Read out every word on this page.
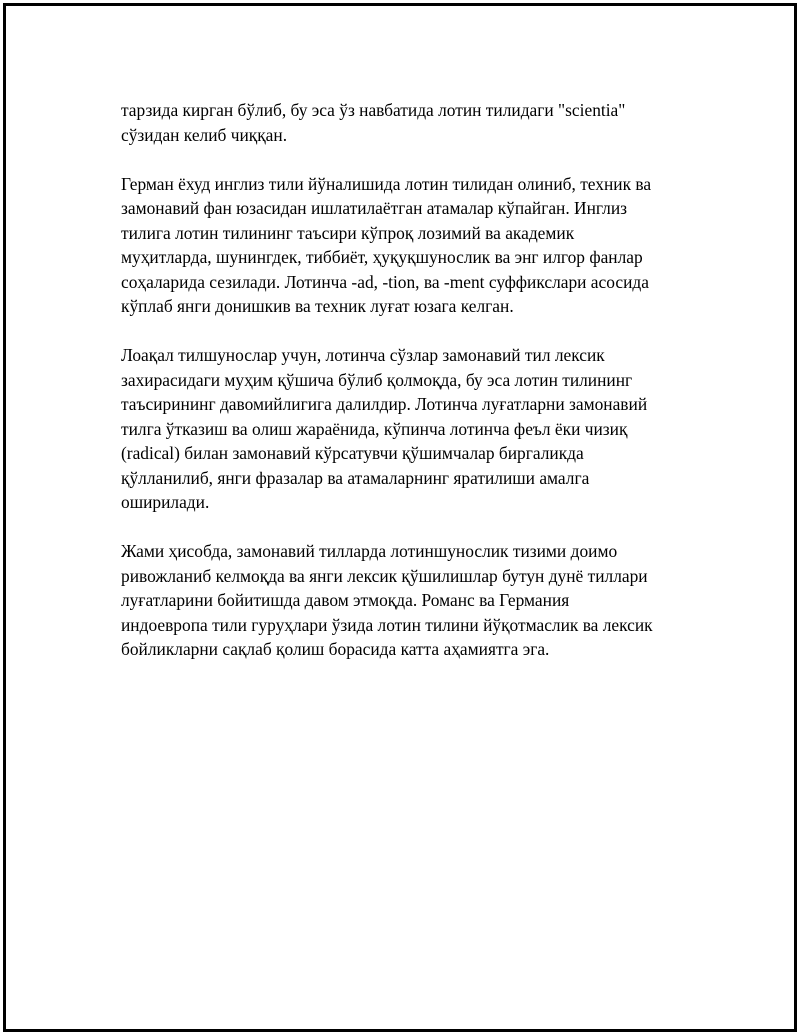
тарзида кирган бўлиб, бу эса ўз навбатида лотин тилидаги "scientia"
сўзидан келиб чиққан.

Герман ёхуд инглиз тили йўналишида лотин тилидан олиниб, техник ва
замонавий фан юзасидан ишлатилаётган атамалар кўпайган. Инглиз
тилига лотин тилининг таъсири кўпроқ лозимий ва академик
муҳитларда, шунингдек, тиббиёт, ҳуқуқшунослик ва энг илгор фанлар
соҳаларида сезилади. Лотинча -ad, -tion, ва -ment суффикслари асосида
кўплаб янги донишкив ва техник луғат юзага келган.

Лоақал тилшунослар учун, лотинча сўзлар замонавий тил лексик
захирасидаги муҳим қўшича бўлиб қолмоқда, бу эса лотин тилининг
таъсирининг давомийлигига далилдир. Лотинча луғатларни замонавий
тилга ўтказиш ва олиш жараёнида, кўпинча лотинча феъл ёки чизиқ
(radical) билан замонавий кўрсатувчи қўшимчалар биргаликда
қўлланилиб, янги фразалар ва атамаларнинг яратилиши амалга
оширилади.

Жами ҳисобда, замонавий тилларда лотиншунослик тизими доимо
ривожланиб келмоқда ва янги лексик қўшилишлар бутун дунё тиллари
луғатларини бойитишда давом этмоқда. Романс ва Германия
индоевропа тили гуруҳлари ўзида лотин тилини йўқотмаслик ва лексик
бойликларни сақлаб қолиш борасида катта аҳамиятга эга.
